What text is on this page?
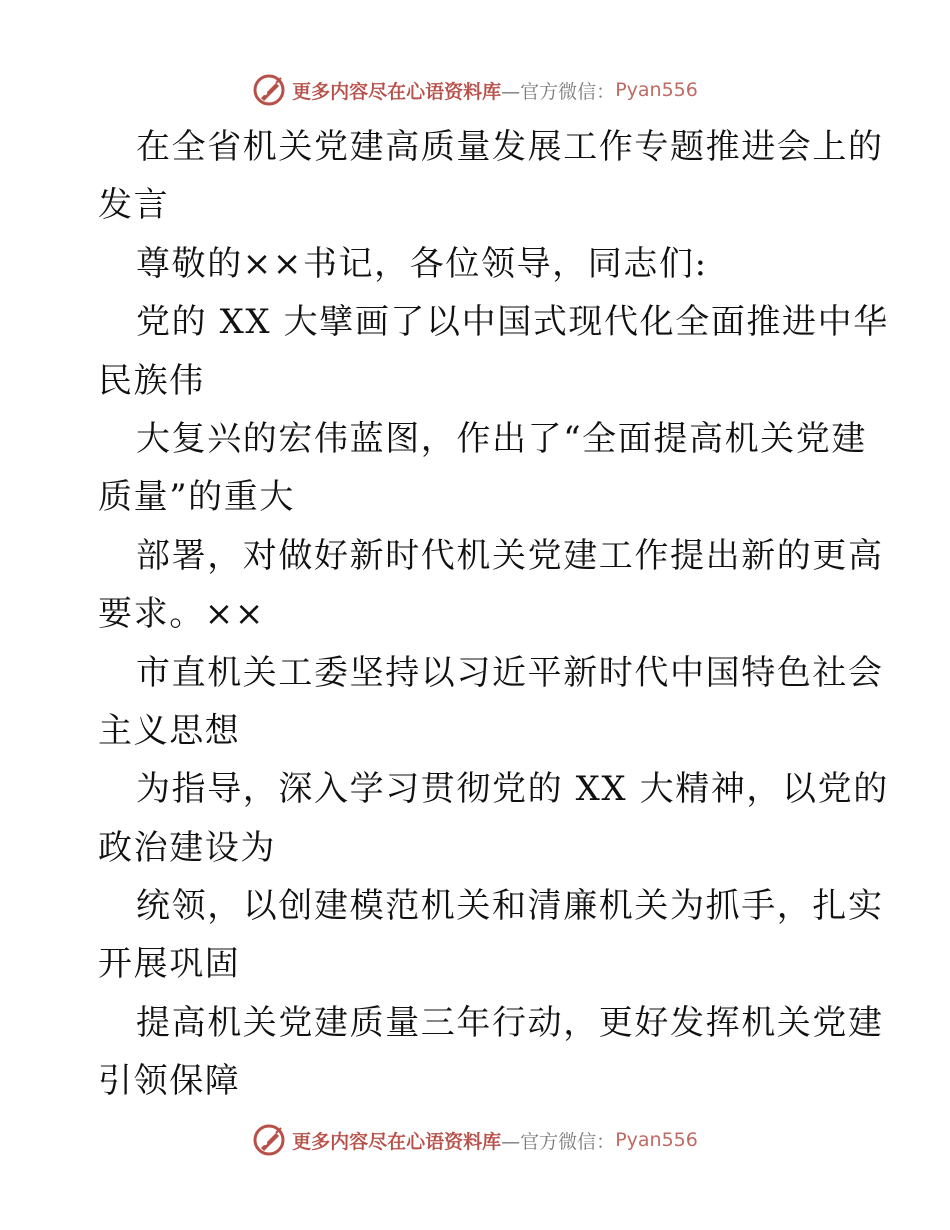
更多内容尽在心语资料库 —官方微信： Pyan556
在全省机关党建高质量发展工作专题推进会上的
发言
尊敬的××书记，各位领导，同志们:
党的 XX 大擘画了以中国式现代化全面推进中华
民族伟
大复兴的宏伟蓝图，作出了“全面提高机关党建
质量”的重大
部署，对做好新时代机关党建工作提出新的更高
要求。××
市直机关工委坚持以习近平新时代中国特色社会
主义思想
为指导，深入学习贯彻党的 XX 大精神，以党的
政治建设为
统领，以创建模范机关和清廉机关为抓手，扎实
开展巩固
提高机关党建质量三年行动，更好发挥机关党建
引领保障
更多内容尽在心语资料库 —官方微信： Pyan556
